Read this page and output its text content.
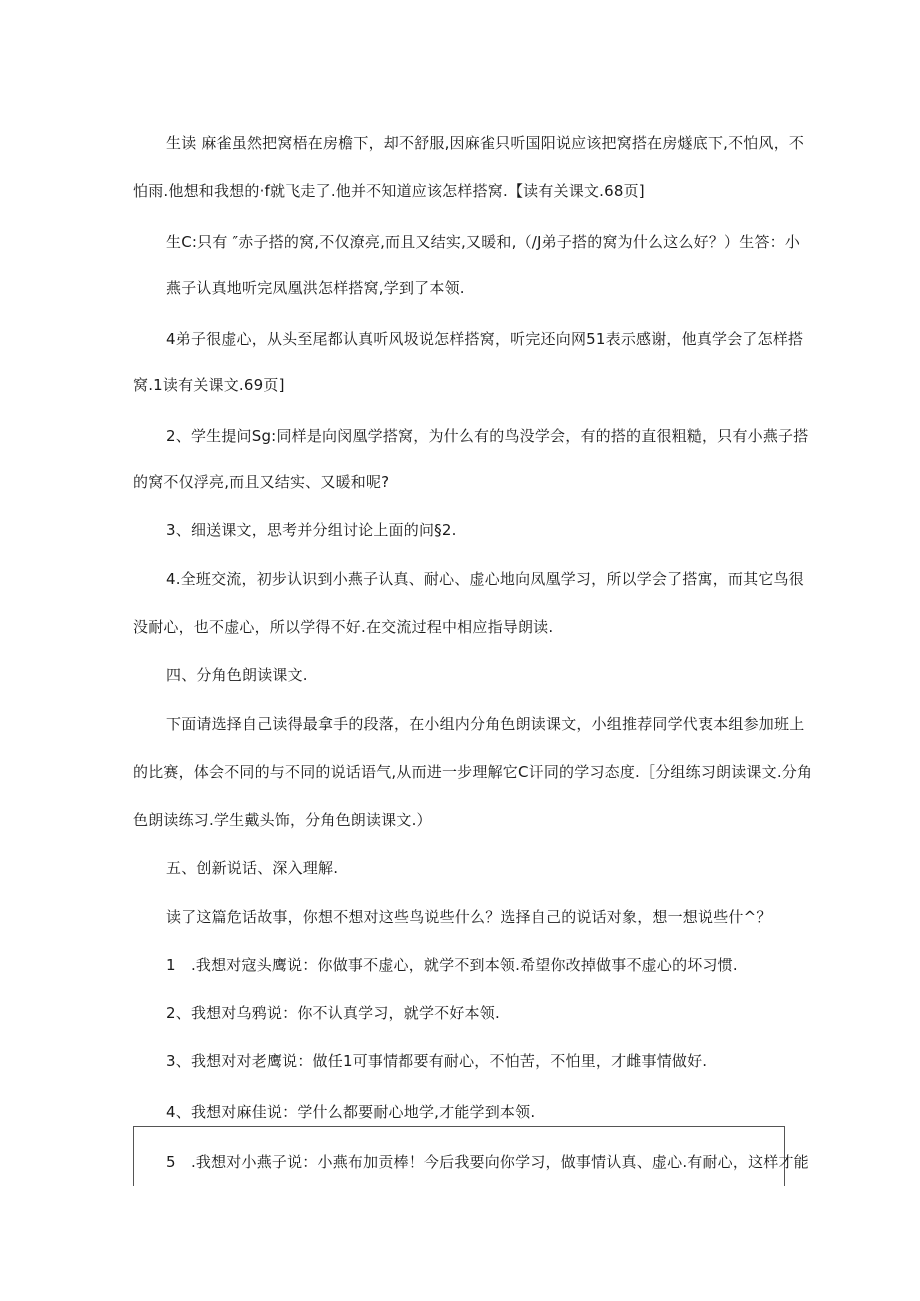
生读 麻雀虽然把窝梧在房檐下，却不舒服,因麻雀只听国阳说应该把窝搭在房燧底下,不怕风，不
怕雨.他想和我想的·f就飞走了.他并不知道应该怎样搭窝.【读有关课文.68页]
生C:只有 ″赤子搭的窝,不仅潦亮,而且又结实,又暖和,（/J弟子搭的窝为什么这么好？）生答：小
燕子认真地听完凤凰洪怎样搭窝,学到了本领.
4弟子很虚心，从头至尾都认真听风圾说怎样搭窝，听完还向网51表示感谢，他真学会了怎样搭
窝.1读有关课文.69页]
2、学生提问Sg:同样是向闵凰学搭窝，为什么有的鸟没学会，有的搭的直很粗糙，只有小燕子搭
的窝不仅浮亮,而且又结实、又暖和呢?
3、细送课文，思考并分组讨论上面的问§2.
4.全班交流，初步认识到小燕子认真、耐心、虚心地向凤凰学习，所以学会了搭寓，而其它鸟很
没耐心，也不虚心，所以学得不好.在交流过程中相应指导朗读.
四、分角色朗读课文.
下面请选择自己读得最拿手的段落，在小组内分角色朗读课文，小组推荐同学代衷本组参加班上
的比赛，体会不同的与不同的说话语气,从而进一步理解它C讦同的学习态度.［分组练习朗读课文.分角
色朗读练习.学生戴头饰，分角色朗读课文.）
五、创新说话、深入理解.
读了这篇危话故事，你想不想对这些鸟说些什么？选择自己的说话对象，想一想说些什^？
1　.我想对寇头鹰说：你做事不虚心，就学不到本领.希望你改掉做事不虚心的坏习惯.
2、我想对乌鸦说：你不认真学习，就学不好本领.
3、我想对对老鹰说：做任1可事情都要有耐心，不怕苦，不怕里，才雌事情做好.
4、我想对麻佳说：学什么都要耐心地学,才能学到本领.
5　.我想对小燕子说：小燕布加贡棒！今后我要向你学习，做事情认真、虚心.有耐心，这样才能
